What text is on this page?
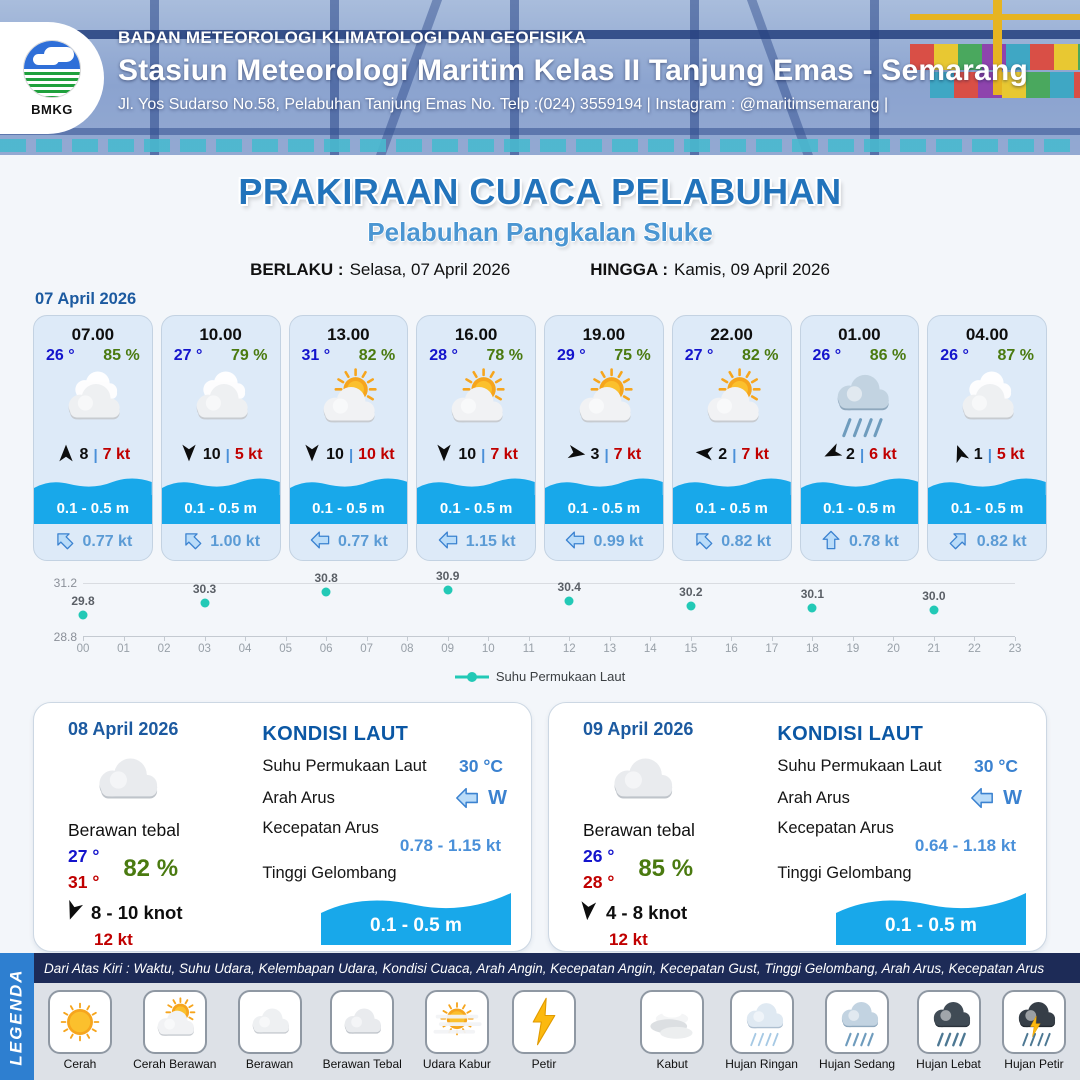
BMKG
BADAN METEOROLOGI KLIMATOLOGI DAN GEOFISIKA
Stasiun Meteorologi Maritim Kelas II Tanjung Emas - Semarang
Jl. Yos Sudarso No.58, Pelabuhan Tanjung Emas No. Telp :(024) 3559194 | Instagram : @maritimsemarang |
PRAKIRAAN CUACA PELABUHAN
Pelabuhan Pangkalan Sluke
BERLAKU : Selasa, 07 April 2026	HINGGA : Kamis, 09 April 2026
07 April 2026
07.00
26 ° 85 %
8 | 7 kt
0.1 - 0.5 m
0.77 kt
10.00
27 ° 79 %
10 | 5 kt
0.1 - 0.5 m
1.00 kt
13.00
31 ° 82 %
10 | 10 kt
0.1 - 0.5 m
0.77 kt
16.00
28 ° 78 %
10 | 7 kt
0.1 - 0.5 m
1.15 kt
19.00
29 ° 75 %
3 | 7 kt
0.1 - 0.5 m
0.99 kt
22.00
27 ° 82 %
2 | 7 kt
0.1 - 0.5 m
0.82 kt
01.00
26 ° 86 %
2 | 6 kt
0.1 - 0.5 m
0.78 kt
04.00
26 ° 87 %
1 | 5 kt
0.1 - 0.5 m
0.82 kt
00 01 02 03 04 05 06 07 08 09 10 11 12 13 14 15 16 17 18 19 20 21 22 23
29.8
30.3
30.8	30.9
30.4	30.2	30.1	30.0
31.2
28.8
Suhu Permukaan Laut
08 April 2026
Berawan tebal
27 °
31 ° 82 %
8 - 10 knot
12 kt
KONDISI LAUT
Suhu Permukaan Laut 30 °C
Arah Arus	W
Kecepatan Arus
0.78 - 1.15 kt
Tinggi Gelombang
0.1 - 0.5 m
09 April 2026
Berawan tebal
26 °
28 ° 85 %
4 - 8 knot
12 kt
KONDISI LAUT
Suhu Permukaan Laut 30 °C
Arah Arus	W
Kecepatan Arus
0.64 - 1.18 kt
Tinggi Gelombang
0.1 - 0.5 m
LEGENDA	Dari Atas Kiri : Waktu, Suhu Udara, Kelembapan Udara, Kondisi Cuaca, Arah Angin, Kecepatan Angin, Kecepatan Gust, Tinggi Gelombang, Arah Arus, Kecepatan Arus
Cerah	Cerah Berawan	Berawan	Berawan Tebal Udara Kabur	Petir	Kabut	Hujan Ringan Hujan Sedang Hujan Lebat Hujan Petir
